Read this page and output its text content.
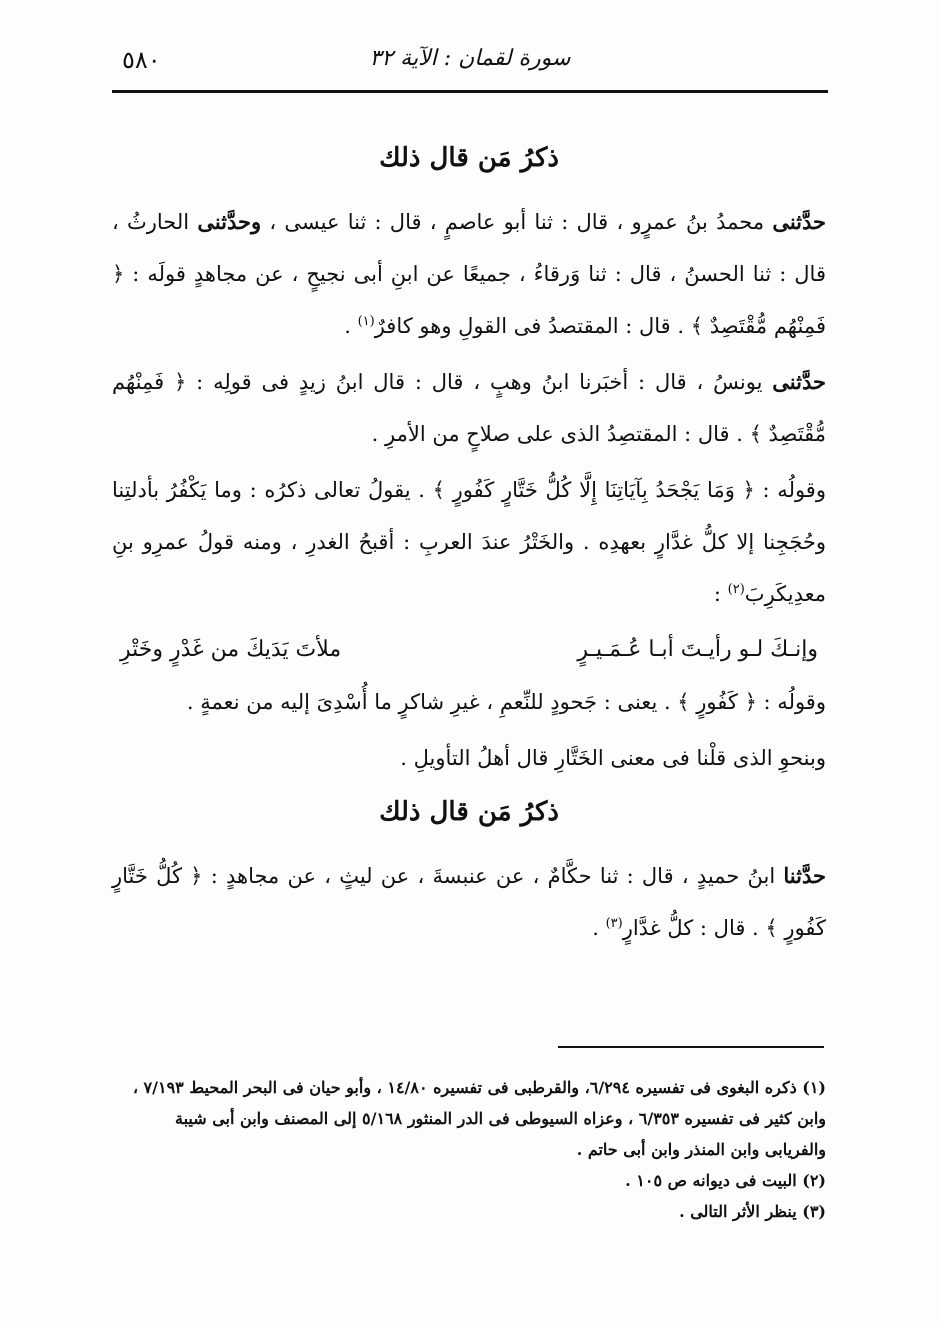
٥٨٠	سورة لقمان : الآية ٣٢
ذكرُ مَن قال ذلك

حدَّثنى محمدُ بنُ عمرٍو ، قال : ثنا أبو عاصمٍ ، قال : ثنا عيسى ، وحدَّثنى الحارثُ ، قال : ثنا الحسنُ ، قال : ثنا وَرقاءُ ، جميعًا عن ابنِ أبى نجيحٍ ، عن مجاهدٍ قولَه : ﴿ فَمِنْهُم مُّقْتَصِدٌ ﴾ . قال : المقتصدُ فى القولِ وهو كافرٌ$^{(١)}$ .

حدَّثنى يونسُ ، قال : أخبَرنا ابنُ وهبٍ ، قال : قال ابنُ زيدٍ فى قولِه : ﴿ فَمِنْهُم مُّقْتَصِدٌ ﴾ . قال : المقتصِدُ الذى على صلاحٍ من الأمرِ .

وقولُه : ﴿ وَمَا يَجْحَدُ بِآيَاتِنَا إِلَّا كُلُّ خَتَّارٍ كَفُورٍ ﴾ . يقولُ تعالى ذكرُه : وما يَكْفُرُ بأدلتِنا وحُجَجِنا إلا كلُّ غدَّارٍ بعهدِه . والخَتْرُ عندَ العربِ : أقبحُ الغدرِ ، ومنه قولُ عمرِو بنِ معدِيكَرِبَ$^{(٢)}$ :

وإنـكَ لـو رأيـتَ أبـا عُـمَـيـرٍ
ملأتَ يَدَيكَ من غَدْرٍ وخَتْرِ

وقولُه : ﴿ كَفُورٍ ﴾ . يعنى : جَحودٍ للنِّعمِ ، غيرِ شاكرٍ ما أُسْدِىَ إليه من نعمةٍ .

وبنحوِ الذى قلْنا فى معنى الخَتَّارِ قال أهلُ التأويلِ .

ذكرُ مَن قال ذلك

حدَّثنا ابنُ حميدٍ ، قال : ثنا حكَّامٌ ، عن عنبسةَ ، عن ليثٍ ، عن مجاهدٍ : ﴿ كُلُّ خَتَّارٍ كَفُورٍ ﴾ . قال : كلُّ غدَّارٍ$^{(٣)}$ .

(١) ذكره البغوى فى تفسيره ٦/٢٩٤، والقرطبى فى تفسيره ١٤/٨٠ ، وأبو حيان فى البحر المحيط ٧/١٩٣ ، وابن كثير فى تفسيره ٦/٣٥٣ ، وعزاه السيوطى فى الدر المنثور ٥/١٦٨ إلى المصنف وابن أبى شيبة والفريابى وابن المنذر وابن أبى حاتم .

(٢) البيت فى ديوانه ص ١٠٥ .

(٣) ينظر الأثر التالى .
